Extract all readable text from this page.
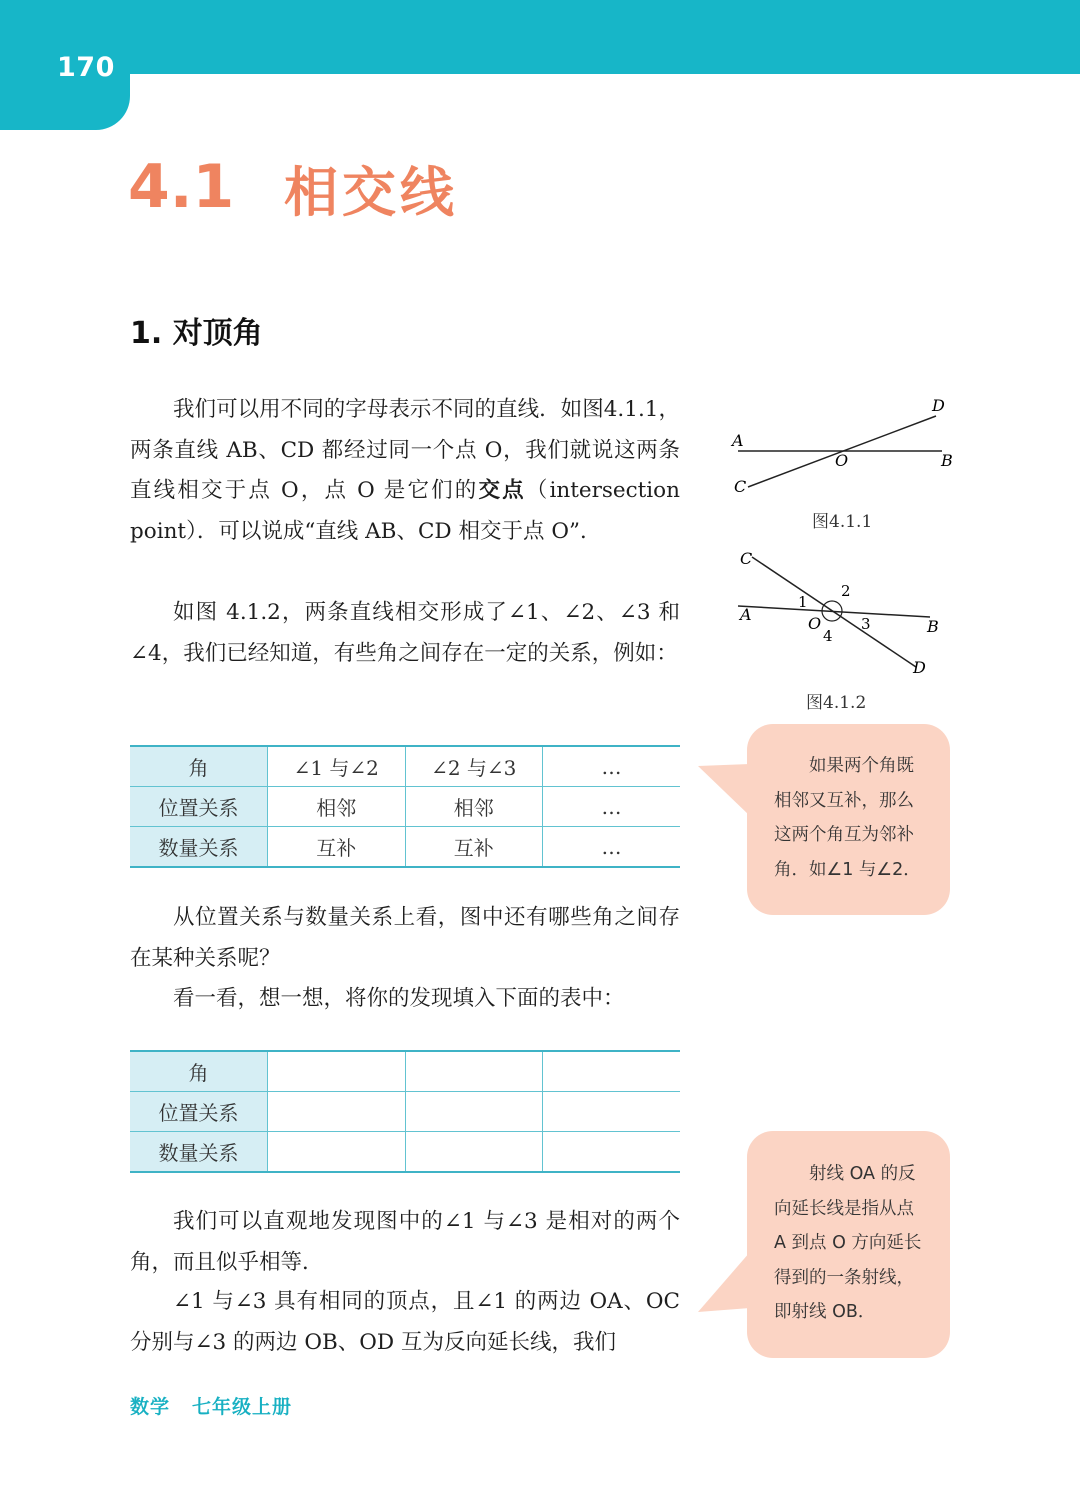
170
4.1 相交线
1. 对顶角
我们可以用不同的字母表示不同的直线．如图4.1.1，两条直线 AB、CD 都经过同一个点 O，我们就说这两条直线相交于点 O，点 O 是它们的交点（intersection point）．可以说成“直线 AB、CD 相交于点 O”．
如图 4.1.2，两条直线相交形成了∠1、∠2、∠3 和∠4，我们已经知道，有些角之间存在一定的关系，例如：
角	∠1 与∠2	∠2 与∠3	…
位置关系	相邻	相邻	…
数量关系	互补	互补	…
从位置关系与数量关系上看，图中还有哪些角之间存在某种关系呢？
看一看，想一想，将你的发现填入下面的表中：
角			
位置关系			
数量关系			
我们可以直观地发现图中的∠1 与∠3 是相对的两个角，而且似乎相等．
∠1 与∠3 具有相同的顶点，且∠1 的两边 OA、OC 分别与∠3 的两边 OB、OD 互为反向延长线，我们
A
B
C
D
O
图4.1.1
A
B
C
D
O
1
2
3
4
图4.1.2
如果两个角既
相邻又互补，那么
这两个角互为邻补
角．如∠1 与∠2．
射线 OA 的反
向延长线是指从点
A 到点 O 方向延长
得到的一条射线，
即射线 OB．
数学 七年级上册
